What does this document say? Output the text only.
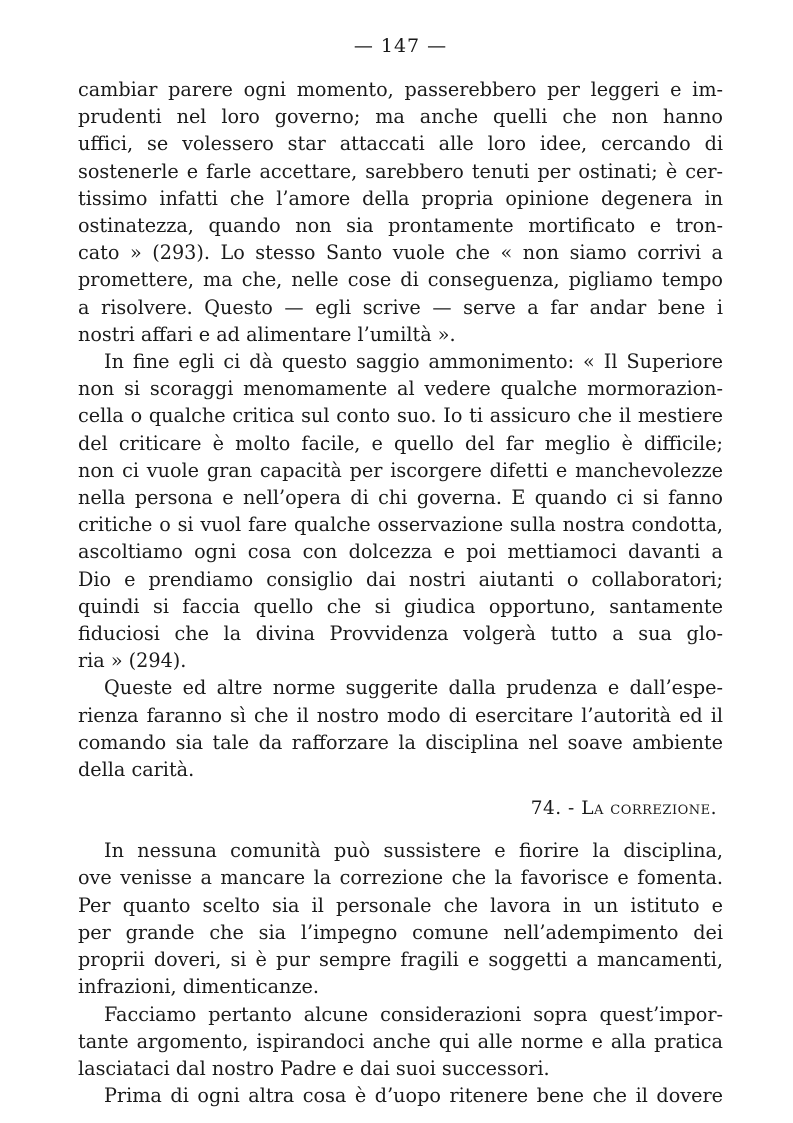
— 147 —
cambiar parere ogni momento, passerebbero per leggeri e im-
prudenti nel loro governo; ma anche quelli che non hanno
uffici, se volessero star attaccati alle loro idee, cercando di
sostenerle e farle accettare, sarebbero tenuti per ostinati; è cer-
tissimo infatti che l’amore della propria opinione degenera in
ostinatezza, quando non sia prontamente mortificato e tron-
cato » (293). Lo stesso Santo vuole che « non siamo corrivi a
promettere, ma che, nelle cose di conseguenza, pigliamo tempo
a risolvere. Questo — egli scrive — serve a far andar bene i
nostri affari e ad alimentare l’umiltà ».
In fine egli ci dà questo saggio ammonimento: « Il Superiore
non si scoraggi menomamente al vedere qualche mormorazion-
cella o qualche critica sul conto suo. Io ti assicuro che il mestiere
del criticare è molto facile, e quello del far meglio è difficile;
non ci vuole gran capacità per iscorgere difetti e manchevolezze
nella persona e nell’opera di chi governa. E quando ci si fanno
critiche o si vuol fare qualche osservazione sulla nostra condotta,
ascoltiamo ogni cosa con dolcezza e poi mettiamoci davanti a
Dio e prendiamo consiglio dai nostri aiutanti o collaboratori;
quindi si faccia quello che si giudica opportuno, santamente
fiduciosi che la divina Provvidenza volgerà tutto a sua glo-
ria » (294).
Queste ed altre norme suggerite dalla prudenza e dall’espe-
rienza faranno sì che il nostro modo di esercitare l’autorità ed il
comando sia tale da rafforzare la disciplina nel soave ambiente
della carità.
74. - La correzione.
In nessuna comunità può sussistere e fiorire la disciplina,
ove venisse a mancare la correzione che la favorisce e fomenta.
Per quanto scelto sia il personale che lavora in un istituto e
per grande che sia l’impegno comune nell’adempimento dei
proprii doveri, si è pur sempre fragili e soggetti a mancamenti,
infrazioni, dimenticanze.
Facciamo pertanto alcune considerazioni sopra quest’impor-
tante argomento, ispirandoci anche qui alle norme e alla pratica
lasciataci dal nostro Padre e dai suoi successori.
Prima di ogni altra cosa è d’uopo ritenere bene che il dovere
